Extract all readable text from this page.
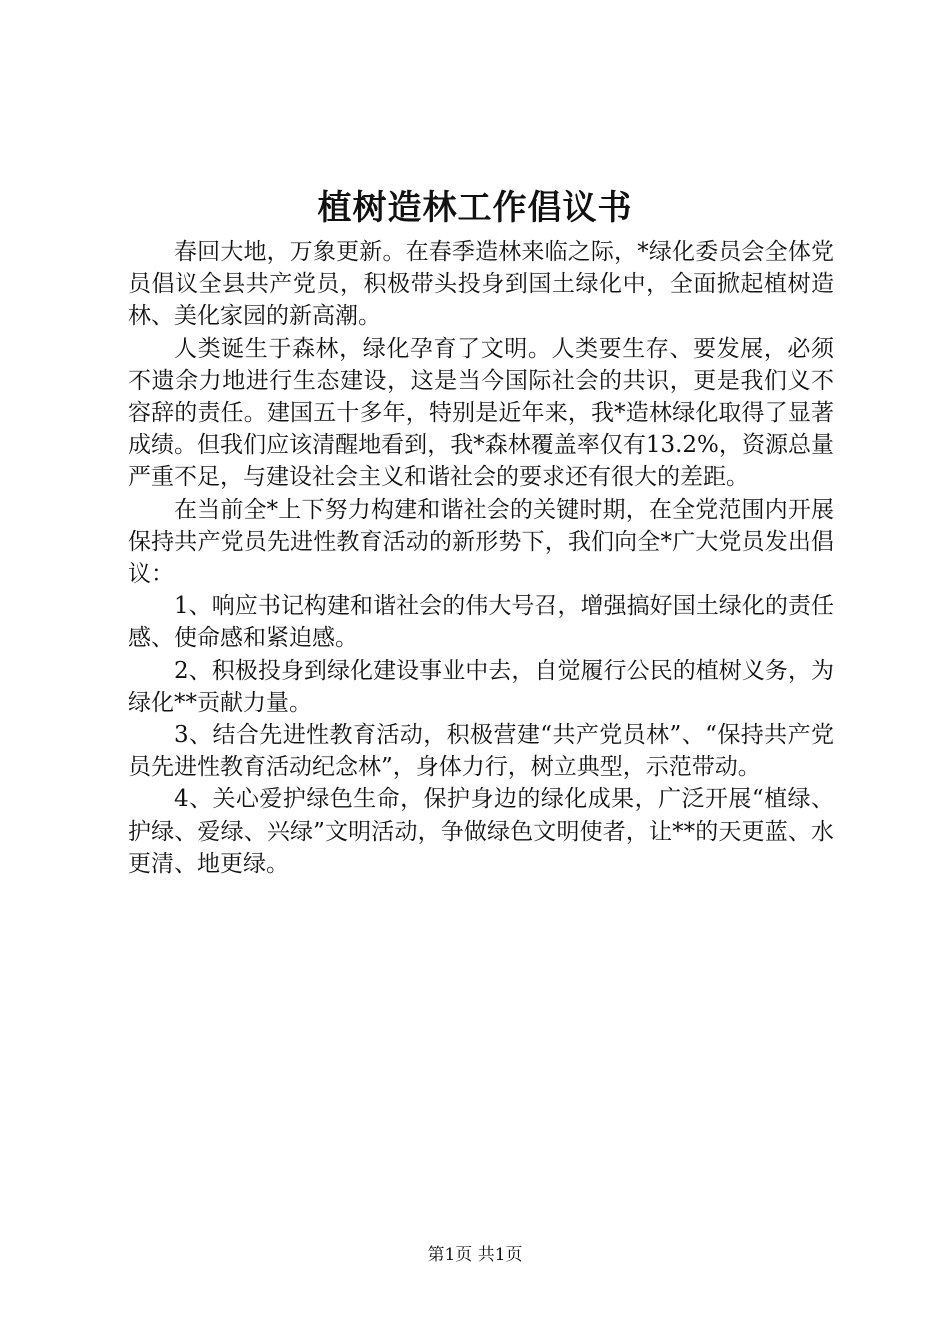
植树造林工作倡议书

春回大地，万象更新。在春季造林来临之际，*绿化委员会全体党员倡议全县共产党员，积极带头投身到国土绿化中，全面掀起植树造林、美化家园的新高潮。

人类诞生于森林，绿化孕育了文明。人类要生存、要发展，必须不遗余力地进行生态建设，这是当今国际社会的共识，更是我们义不容辞的责任。建国五十多年，特别是近年来，我*造林绿化取得了显著成绩。但我们应该清醒地看到，我*森林覆盖率仅有13.2%，资源总量严重不足，与建设社会主义和谐社会的要求还有很大的差距。

在当前全*上下努力构建和谐社会的关键时期，在全党范围内开展保持共产党员先进性教育活动的新形势下，我们向全*广大党员发出倡议：

1、响应书记构建和谐社会的伟大号召，增强搞好国土绿化的责任感、使命感和紧迫感。

2、积极投身到绿化建设事业中去，自觉履行公民的植树义务，为绿化**贡献力量。

3、结合先进性教育活动，积极营建“共产党员林”、“保持共产党员先进性教育活动纪念林”，身体力行，树立典型，示范带动。

4、关心爱护绿色生命，保护身边的绿化成果，广泛开展“植绿、护绿、爱绿、兴绿”文明活动，争做绿色文明使者，让**的天更蓝、水更清、地更绿。

第1页 共1页
